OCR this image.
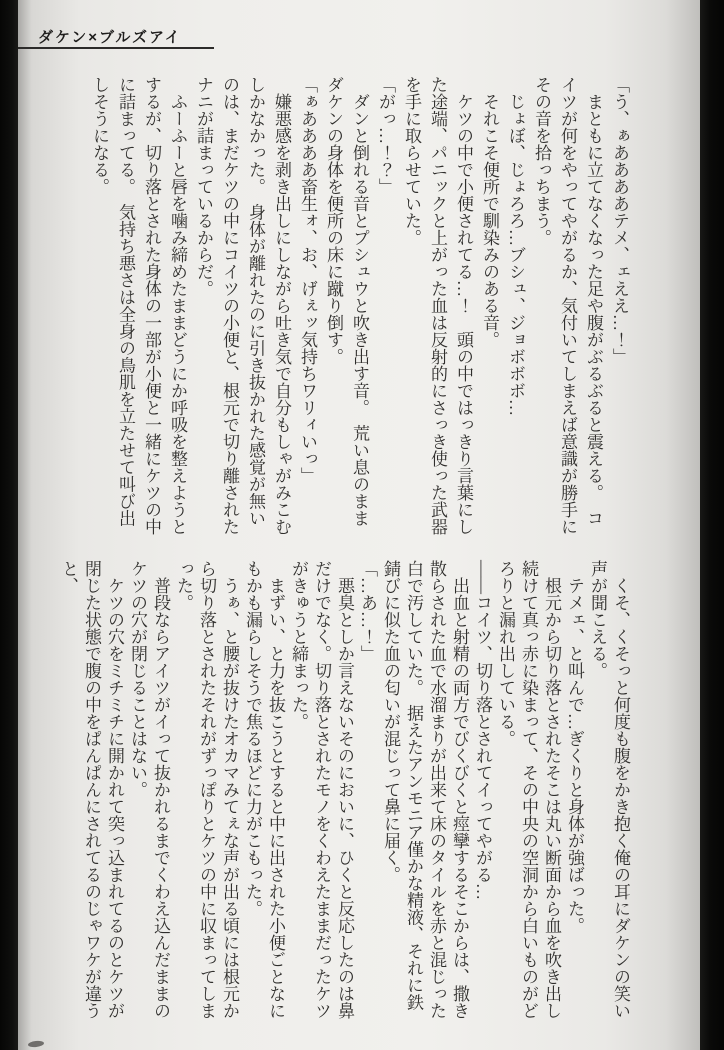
ダケン×ブルズアイ

「う、ぁああああテメ、ェええ…！」

まともに立てなくなった足や腹がぶるぶると震える。　コイツが何をやってやがるか、気付いてしまえば意識が勝手にその音を拾っちまう。

じょぼ、じょろろ…ブシュ、ジョボボボ…

それこそ便所で馴染みのある音。

ケツの中で小便されてる…！　頭の中ではっきり言葉にした途端、パニックと上がった血は反射的にさっき使った武器を手に取らせていた。

「がっ…！？」

ダンと倒れる音とプシュウと吹き出す音。　荒い息のままダケンの身体を便所の床に蹴り倒す。

「ぁああああ畜生ォ、お、げぇッ気持ちワリィいっ」

嫌悪感を剥き出しにしながら吐き気で自分もしゃがみこむしかなかった。　身体が離れたのに引き抜かれた感覚が無いのは、まだケツの中にコイツの小便と、根元で切り離されたナニが詰まっているからだ。

ふーふーと唇を噛み締めたままどうにか呼吸を整えようとするが、切り落とされた身体の一部が小便と一緒にケツの中に詰まってる。　気持ち悪さは全身の鳥肌を立たせて叫び出しそうになる。

くそ、くそっと何度も腹をかき抱く俺の耳にダケンの笑い声が聞こえる。

テメェ、と叫んで…ぎくりと身体が強ばった。

根元から切り落とされたそこは丸い断面から血を吹き出し続けて真っ赤に染まって、その中央の空洞から白いものがどろりと漏れ出している。

――コイツ、切り落とされてイってやがる…

出血と射精の両方でびくびくと痙攣するそこからは、撒き散らされた血で水溜まりが出来て床のタイルを赤と混じった白で汚していた。　据えたアンモニア僅かな精液、それに鉄錆びに似た血の匂いが混じって鼻に届く。

「…あ…！」

悪臭としか言えないそのにおいに、ひくと反応したのは鼻だけでなく。切り落とされたモノをくわえたままだったケツがきゅうと締まった。

まずい、と力を抜こうとすると中に出された小便ごとなにもかも漏らしそうで焦るほどに力がこもった。

うぁ、と腰が抜けたオカマみてぇな声が出る頃には根元から切り落とされたそれがずっぽりとケツの中に収まってしまった。

普段ならアイツがイって抜かれるまでくわえ込んだままのケツの穴が閉じることはない。

ケツの穴をミチミチに開かれて突っ込まれてるのとケツが閉じた状態で腹の中をぱんぱんにされてるのじゃワケが違うと、
